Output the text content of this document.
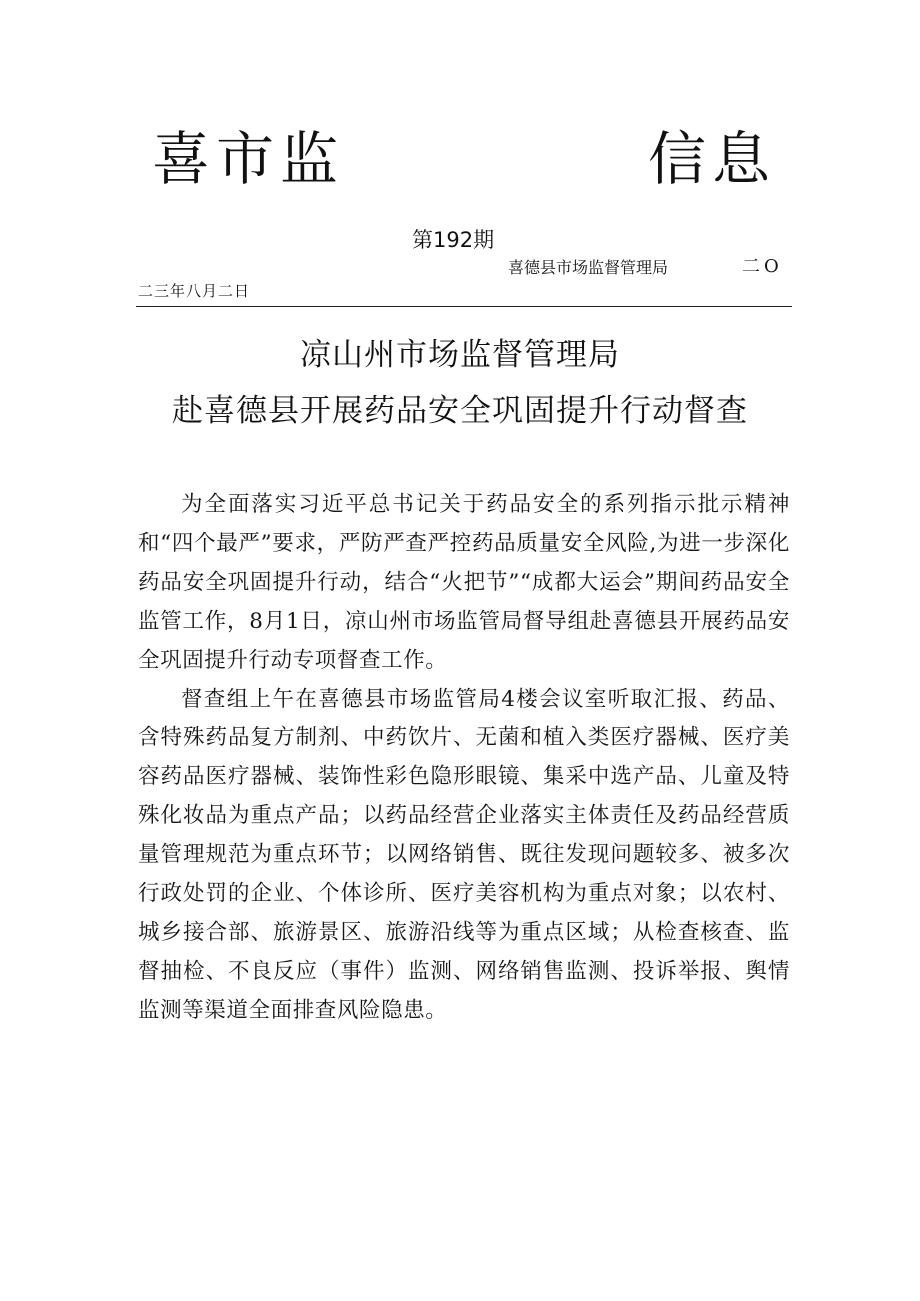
喜市监	信息
第192期
喜德县市场监督管理局	二O
二三年八月二日
凉山州市场监督管理局
赴喜德县开展药品安全巩固提升行动督查

为全面落实习近平总书记关于药品安全的系列指示批示精神和“四个最严”要求，严防严查严控药品质量安全风险,为进一步深化药品安全巩固提升行动，结合“火把节”“成都大运会”期间药品安全监管工作，8月1日，凉山州市场监管局督导组赴喜德县开展药品安全巩固提升行动专项督查工作。

督查组上午在喜德县市场监管局4楼会议室听取汇报、药品、含特殊药品复方制剂、中药饮片、无菌和植入类医疗器械、医疗美容药品医疗器械、装饰性彩色隐形眼镜、集采中选产品、儿童及特殊化妆品为重点产品；以药品经营企业落实主体责任及药品经营质量管理规范为重点环节；以网络销售、既往发现问题较多、被多次行政处罚的企业、个体诊所、医疗美容机构为重点对象；以农村、城乡接合部、旅游景区、旅游沿线等为重点区域；从检查核查、监督抽检、不良反应（事件）监测、网络销售监测、投诉举报、舆情监测等渠道全面排查风险隐患。
